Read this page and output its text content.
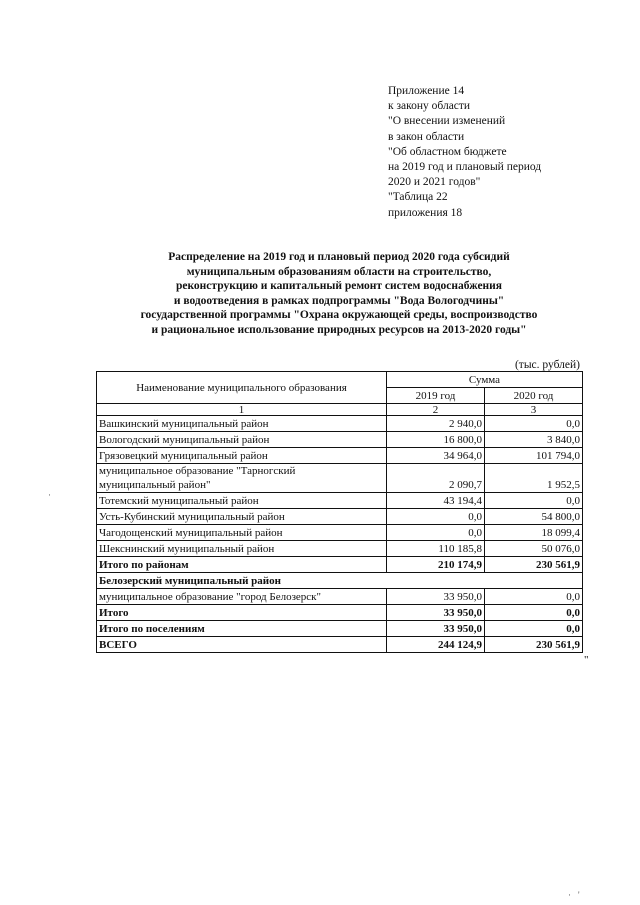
Приложение 14
к закону области
"О внесении изменений
в закон области
"Об областном бюджете
на 2019 год и плановый период
2020 и 2021 годов"
"Таблица 22
приложения 18
Распределение на 2019 год и плановый период 2020 года субсидий
муниципальным образованиям области на строительство,
реконструкцию и капитальный ремонт систем водоснабжения
и водоотведения в рамках подпрограммы "Вода Вологодчины"
государственной программы "Охрана окружающей среды, воспроизводство
и рациональное использование природных ресурсов на 2013-2020 годы"
(тыс. рублей)
Наименование муниципального образования	Сумма	
	2019 год	2020 год
1	2	3
Вашкинский муниципальный район	2 940,0	0,0
Вологодский муниципальный район	16 800,0	3 840,0
Грязовецкий муниципальный район	34 964,0	101 794,0

муниципальное образование "Тарногский
муниципальный район"	2 090,7	1 952,5
Тотемский муниципальный район	43 194,4	0,0
Усть-Кубинский муниципальный район	0,0	54 800,0
Чагодощенский муниципальный район	0,0	18 099,4
Шекснинский муниципальный район	110 185,8	50 076,0
Итого по районам	210 174,9	230 561,9
Белозерский муниципальный район		
муниципальное образование "город Белозерск"	33 950,0	0,0
Итого	33 950,0	0,0
Итого по поселениям	33 950,0	0,0
ВСЕГО	244 124,9	230 561,9
"
·
· '
